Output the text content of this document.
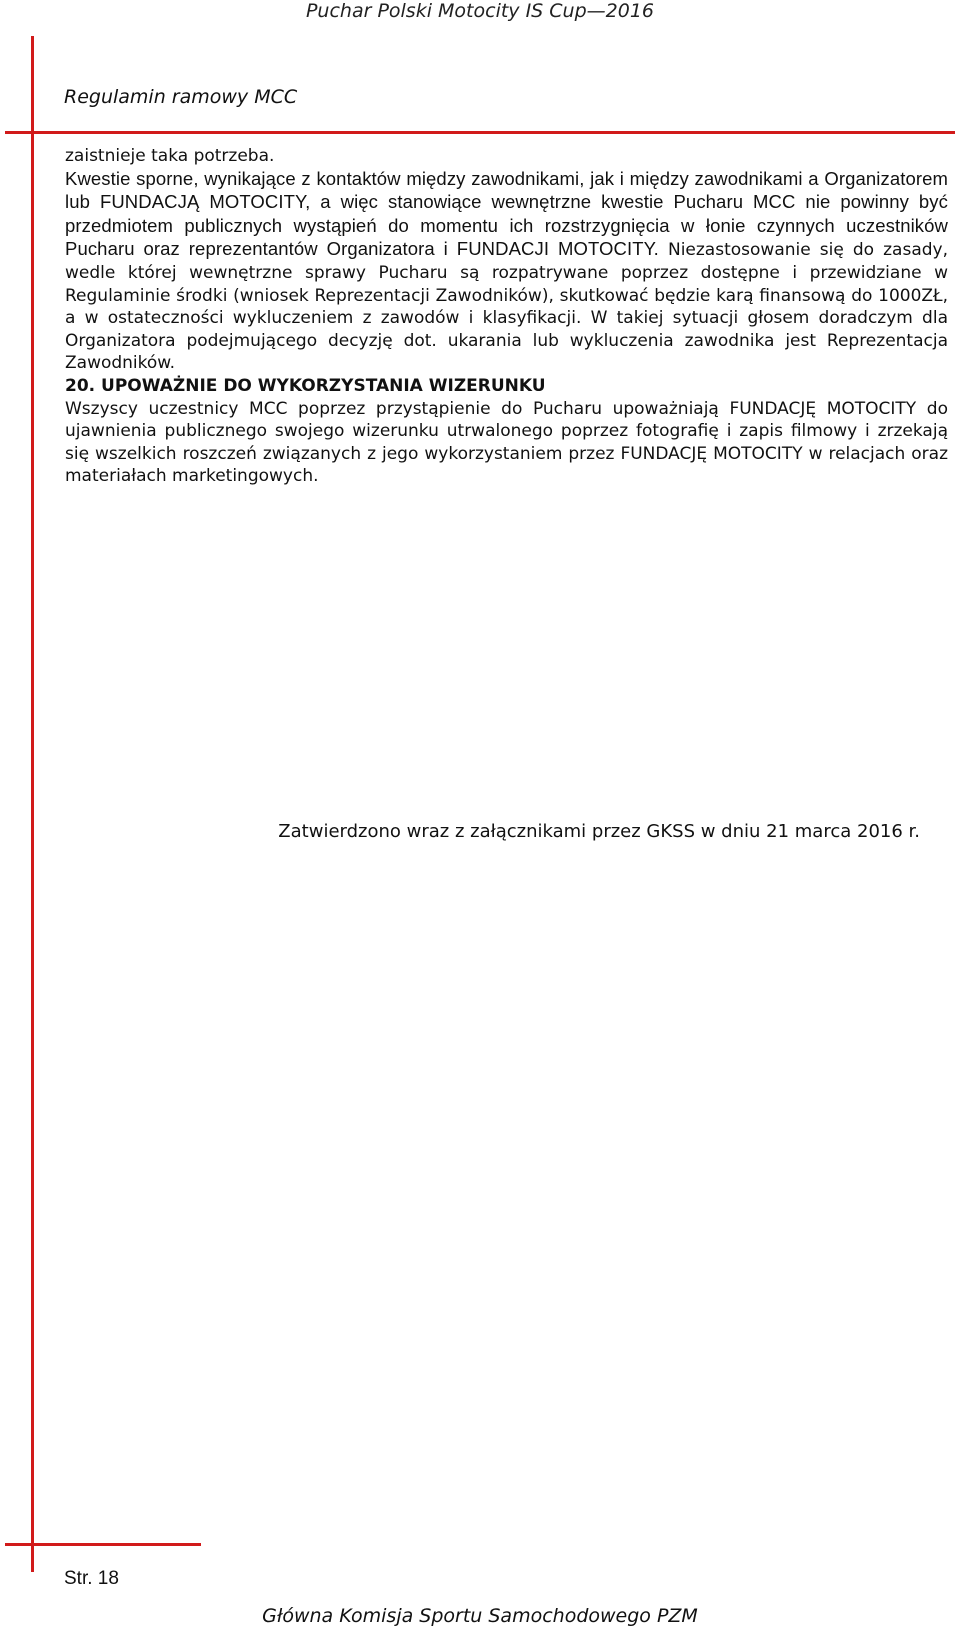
Puchar Polski Motocity IS Cup—2016
Regulamin ramowy MCC

zaistnieje taka potrzeba.

Kwestie sporne, wynikające z kontaktów między zawodnikami, jak i między zawodnikami a Organizatorem lub FUNDACJĄ MOTOCITY, a więc stanowiące wewnętrzne kwestie Pucharu MCC nie powinny być przedmiotem publicznych wystąpień do momentu ich rozstrzygnięcia w łonie czynnych uczestników Pucharu oraz reprezentantów Organizatora i FUNDACJI MOTOCITY. Niezastosowanie się do zasady, wedle której wewnętrzne sprawy Pucharu są rozpatrywane poprzez dostępne i przewidziane w Regulaminie środki (wniosek Reprezentacji Zawodników), skutkować będzie karą finansową do 1000ZŁ, a w ostateczności wykluczeniem z zawodów i klasyfikacji. W takiej sytuacji głosem doradczym dla Organizatora podejmującego decyzję dot. ukarania lub wykluczenia zawodnika jest Reprezentacja Zawodników.

20. UPOWAŻNIE DO WYKORZYSTANIA WIZERUNKU

Wszyscy uczestnicy MCC poprzez przystąpienie do Pucharu upoważniają FUNDACJĘ MOTOCITY do ujawnienia publicznego swojego wizerunku utrwalonego poprzez fotografię i zapis filmowy i zrzekają się wszelkich roszczeń związanych z jego wykorzystaniem przez FUNDACJĘ MOTOCITY w relacjach oraz materiałach marketingowych.

Zatwierdzono wraz z załącznikami przez GKSS w dniu 21 marca 2016 r.
Str. 18
Główna Komisja Sportu Samochodowego PZM
